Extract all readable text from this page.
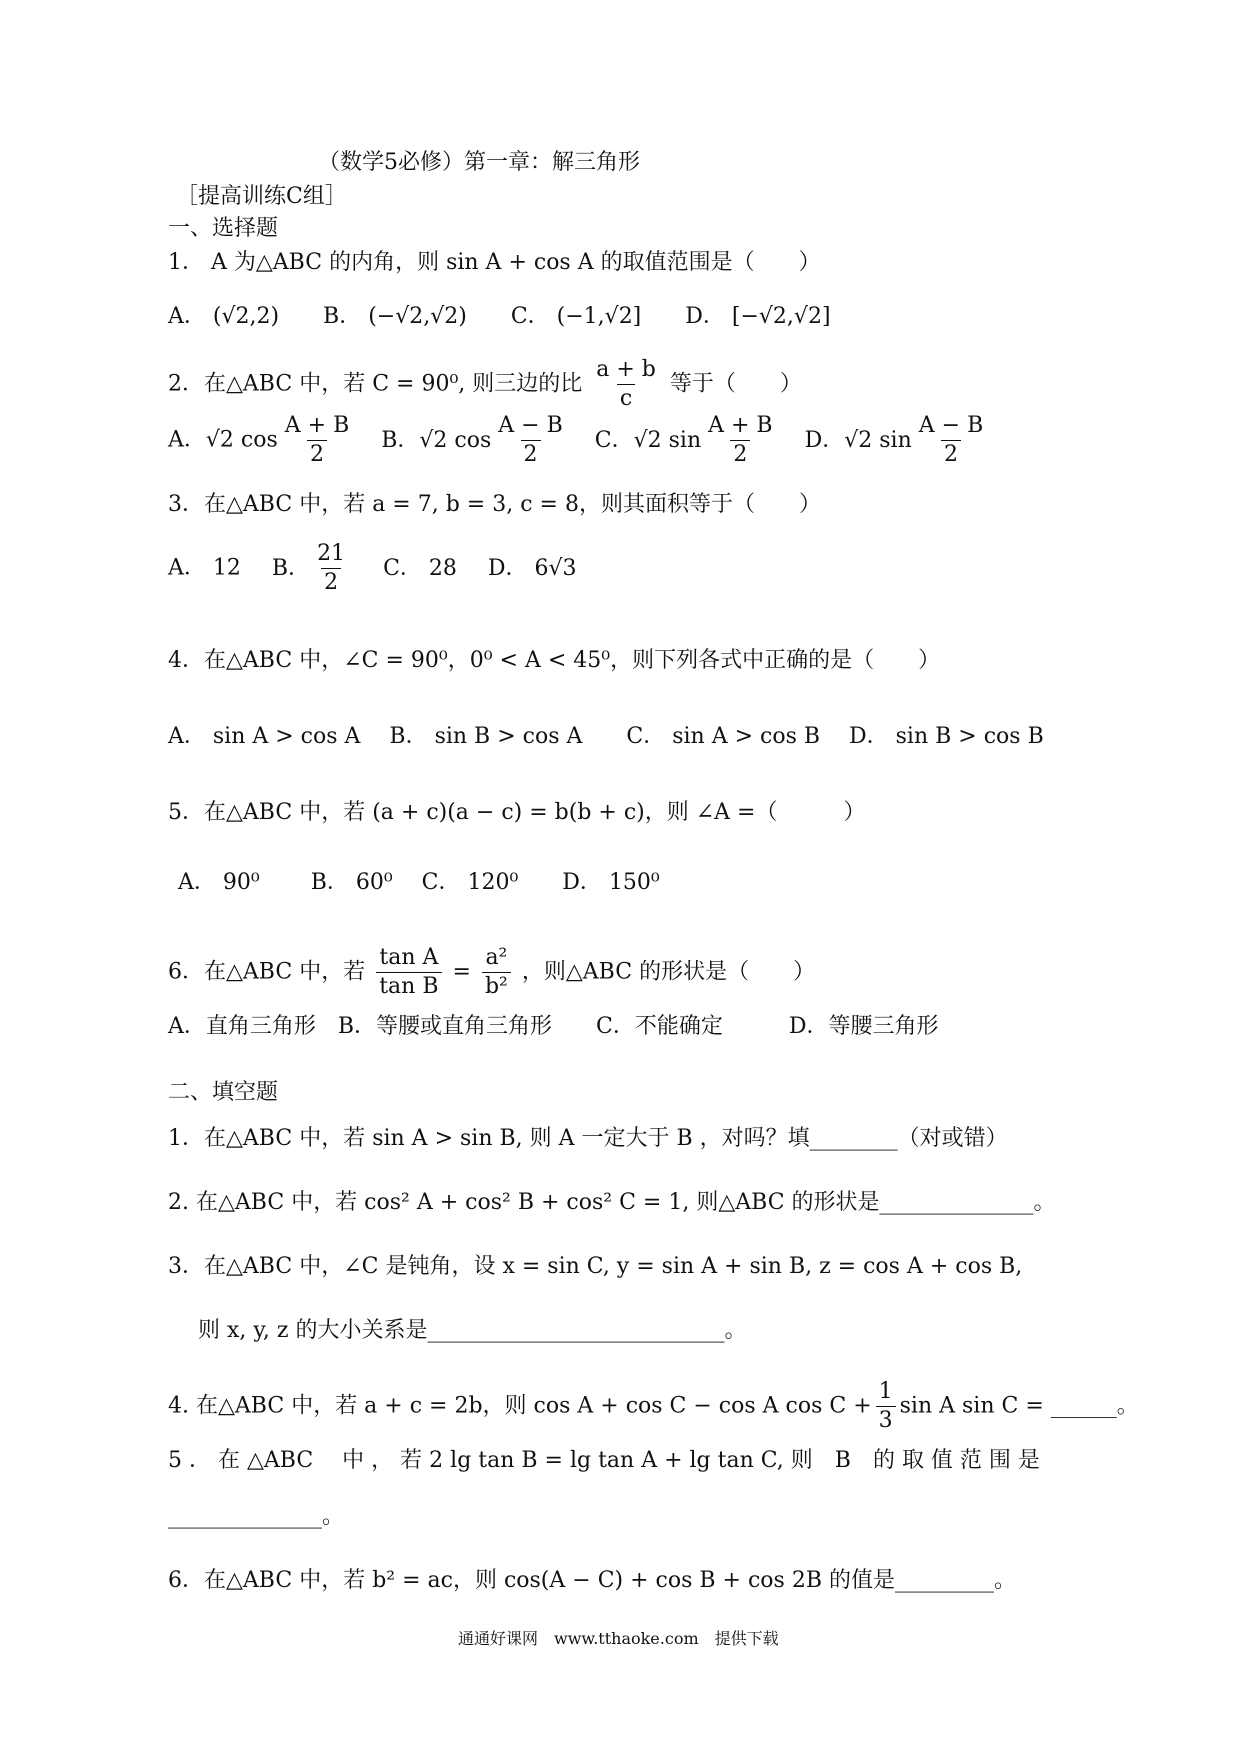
（数学5必修）第一章：解三角形
［提高训练C组］
一、选择题
1． A 为△ABC 的内角，则 sin A + cos A 的取值范围是（　　）
A． (√2,2)　　B． (−√2,√2)　　C． (−1,√2]　　D． [−√2,√2]
2．在△ABC 中，若 C = 90⁰, 则三边的比 $\frac{a + b}{c}$ 等于（　　）
A．√2 $\cos \frac{A + B}{2}$ B．√2 $\cos \frac{A - B}{2}$ C．√2 $\sin \frac{A + B}{2}$ D．√2 $\sin \frac{A - B}{2}$
3．在△ABC 中，若 a = 7, b = 3, c = 8，则其面积等于（　　）
A． 12 B． $\frac{21}{2}$ C． 28 D． 6√3
4．在△ABC 中，∠C = 90⁰，0⁰ < A < 45⁰，则下列各式中正确的是（　　）
A． sin A > cos A　 B． sin B > cos A　　C． sin A > cos B　 D． sin B > cos B
5．在△ABC 中，若 (a + c)(a − c) = b(b + c)，则 ∠A =（　　　）
A． 90⁰　　 B． 60⁰　 C． 120⁰　　D． 150⁰
6．在△ABC 中，若 $\frac{\text{tan A}}{\text{tan B}} = \frac{\text{a²}}{\text{b²}}$ ，则△ABC 的形状是（　　）
A．直角三角形　B．等腰或直角三角形　　C．不能确定　　　D．等腰三角形
二、填空题
1．在△ABC 中，若 sin A > sin B, 则 A 一定大于 B ，对吗？填________（对或错）
2. 在△ABC 中，若 cos² A + cos² B + cos² C = 1, 则△ABC 的形状是______________。
3．在△ABC 中，∠C 是钝角，设 x = sin C, y = sin A + sin B, z = cos A + cos B,
则 x, y, z 的大小关系是___________________________。
4. 在△ABC 中，若 a + c = 2b，则 cos A + cos C − cos A $\cos C + \frac{1}{3}$ sin A sin C = ______。
5 ． 在 △ABC 　中 ， 若 2 lg tan B = lg tan A + lg tan C, 则　B　的 取 值 范 围 是
______________。
6．在△ABC 中，若 b² = ac，则 cos(A − C) + cos B + cos 2B 的值是_________。
通通好课网　www.tthaoke.com　提供下载
